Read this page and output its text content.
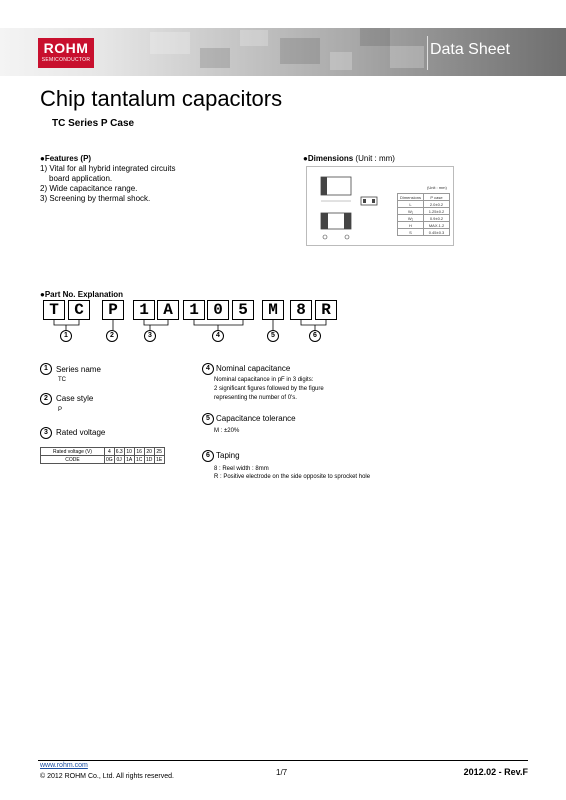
ROHM
SEMICONDUCTOR
Data Sheet
Chip tantalum capacitors
TC Series P Case
●Features (P)
1) Vital for all hybrid integrated circuits
board application.
2) Wide capacitance range.
3) Screening by thermal shock.
●Dimensions (Unit : mm)
(Unit : mm)
Dimensions	P case
L	2.0±0.2
W₁	1.25±0.2
W₂	0.9±0.2
H	MAX.1.2
S	0.45±0.3
●Part No. Explanation
T C	P	1 A	1 0 5	M	8 R
1	2	3	4	5	6
1	Series name
TC
2	Case style
P
3	Rated voltage
Rated voltage (V)	4	6.3	10	16	20	25
CODE	0G	0J	1A	1C	1D	1E
4 Nominal capacitance
Nominal capacitance in pF in 3 digits:
2 significant figures followed by the figure
representing the number of 0's.
5 Capacitance tolerance
M : ±20%
6 Taping
8 : Reel width : 8mm
R : Positive electrode on the side opposite to sprocket hole
www.rohm.com
© 2012 ROHM Co., Ltd. All rights reserved.	1/7	2012.02 - Rev.F
